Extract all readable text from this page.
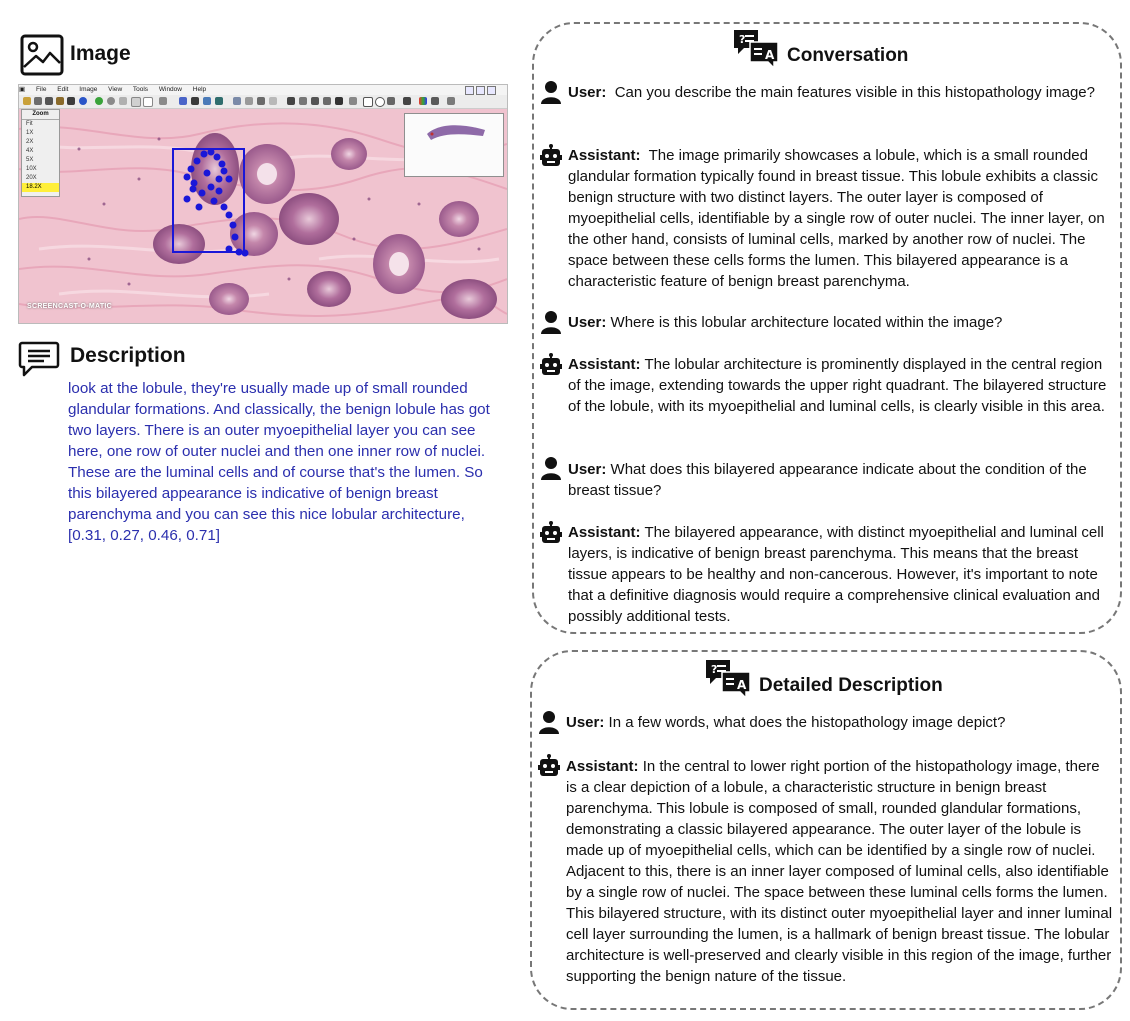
Image
▣ File Edit Image View Tools Window Help
Zoom
Fit
1X
2X
4X
5X
10X
20X
18.2X
SCREENCAST-O-MATIC
Description
look at the lobule, they're usually made up of small rounded glandular formations. And classically, the benign lobule has got two layers. There is an outer myoepithelial layer you can see here, one row of outer nuclei and then one inner row of nuclei. These are the luminal cells and of course that's the lumen. So this bilayered appearance is indicative of benign breast parenchyma and you can see this nice lobular architecture, [0.31, 0.27, 0.46, 0.71]
?
A Conversation
User: Can you describe the main features visible in this histopathology image?
Assistant: The image primarily showcases a lobule, which is a small rounded glandular formation typically found in breast tissue. This lobule exhibits a classic benign structure with two distinct layers. The outer layer is composed of myoepithelial cells, identifiable by a single row of outer nuclei. The inner layer, on the other hand, consists of luminal cells, marked by another row of nuclei. The space between these cells forms the lumen. This bilayered appearance is a characteristic feature of benign breast parenchyma.
User: Where is this lobular architecture located within the image?
Assistant: The lobular architecture is prominently displayed in the central region of the image, extending towards the upper right quadrant. The bilayered structure of the lobule, with its myoepithelial and luminal cells, is clearly visible in this area.
User: What does this bilayered appearance indicate about the condition of the breast tissue?
Assistant: The bilayered appearance, with distinct myoepithelial and luminal cell layers, is indicative of benign breast parenchyma. This means that the breast tissue appears to be healthy and non-cancerous. However, it's important to note that a definitive diagnosis would require a comprehensive clinical evaluation and possibly additional tests.
?
A Detailed Description
User: In a few words, what does the histopathology image depict?
Assistant: In the central to lower right portion of the histopathology image, there is a clear depiction of a lobule, a characteristic structure in benign breast parenchyma. This lobule is composed of small, rounded glandular formations, demonstrating a classic bilayered appearance. The outer layer of the lobule is made up of myoepithelial cells, which can be identified by a single row of nuclei. Adjacent to this, there is an inner layer composed of luminal cells, also identifiable by a single row of nuclei. The space between these luminal cells forms the lumen. This bilayered structure, with its distinct outer myoepithelial layer and inner luminal cell layer surrounding the lumen, is a hallmark of benign breast tissue. The lobular architecture is well-preserved and clearly visible in this region of the image, further supporting the benign nature of the tissue.
